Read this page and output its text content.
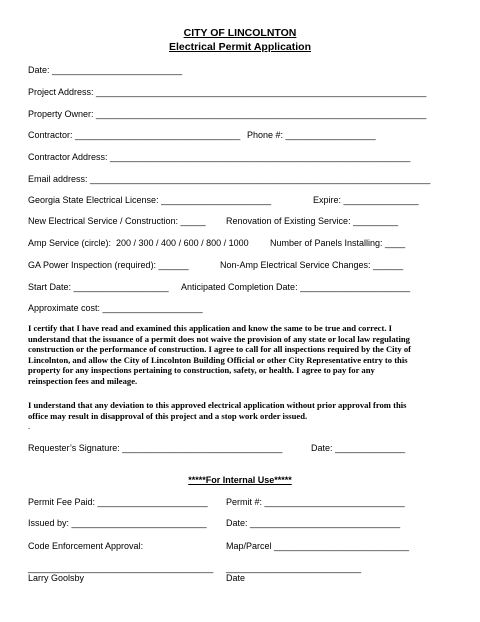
CITY OF LINCOLNTON
Electrical Permit Application
Date: __________________________
Project Address: __________________________________________________________________
Property Owner: __________________________________________________________________
Contractor: _________________________________ Phone #: __________________
Contractor Address: ____________________________________________________________
Email address: ____________________________________________________________________
Georgia State Electrical License: ______________________	Expire: _______________
New Electrical Service / Construction: _____ Renovation of Existing Service: _________
Amp Service (circle):  200 / 300 / 400 / 600 / 800 / 1000 Number of Panels Installing: ____
GA Power Inspection (required): ______	Non-Amp Electrical Service Changes: ______
Start Date: ___________________ Anticipated Completion Date: ______________________
Approximate cost: ____________________
I certify that I have read and examined this application and know the same to be true and correct. I
understand that the issuance of a permit does not waive the provision of any state or local law regulating
construction or the performance of construction. I agree to call for all inspections required by the City of
Lincolnton, and allow the City of Lincolnton Building Official or other City Representative entry to this
property for any inspections pertaining to construction, safety, or health. I agree to pay for any
reinspection fees and mileage.
I understand that any deviation to this approved electrical application without prior approval from this
office may result in disapproval of this project and a stop work order issued.
.
Requester’s Signature: ________________________________	Date: ______________
*****For Internal Use*****
Permit Fee Paid: ______________________ Permit #: ____________________________
Issued by: ___________________________ Date: ______________________________
Code Enforcement Approval:	Map/Parcel ___________________________
_____________________________________ ___________________________
Larry Goolsby	Date
